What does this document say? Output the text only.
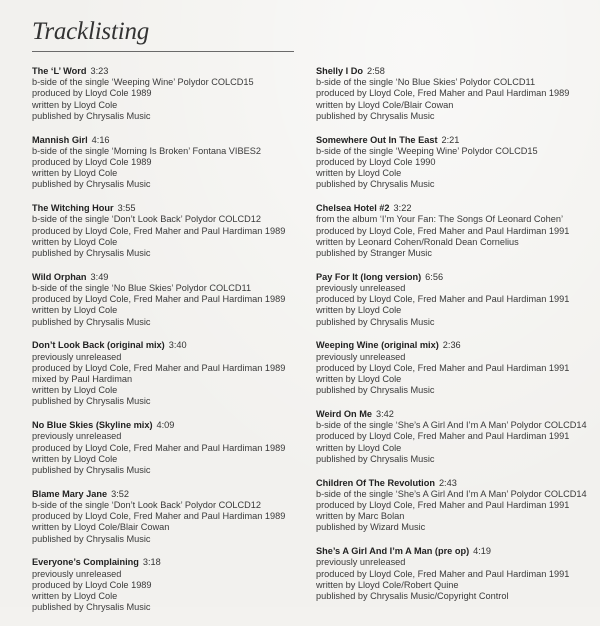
Tracklisting
The ‘L’ Word 3:23
b-side of the single ‘Weeping Wine’ Polydor COLCD15
produced by Lloyd Cole 1989
written by Lloyd Cole
published by Chrysalis Music
Mannish Girl 4:16
b-side of the single ‘Morning Is Broken’ Fontana VIBES2
produced by Lloyd Cole 1989
written by Lloyd Cole
published by Chrysalis Music
The Witching Hour 3:55
b-side of the single ‘Don’t Look Back’ Polydor COLCD12
produced by Lloyd Cole, Fred Maher and Paul Hardiman 1989
written by Lloyd Cole
published by Chrysalis Music
Wild Orphan 3:49
b-side of the single ‘No Blue Skies’ Polydor COLCD11
produced by Lloyd Cole, Fred Maher and Paul Hardiman 1989
written by Lloyd Cole
published by Chrysalis Music
Don’t Look Back (original mix) 3:40
previously unreleased
produced by Lloyd Cole, Fred Maher and Paul Hardiman 1989
mixed by Paul Hardiman
written by Lloyd Cole
published by Chrysalis Music
No Blue Skies (Skyline mix) 4:09
previously unreleased
produced by Lloyd Cole, Fred Maher and Paul Hardiman 1989
written by Lloyd Cole
published by Chrysalis Music
Blame Mary Jane 3:52
b-side of the single ‘Don’t Look Back’ Polydor COLCD12
produced by Lloyd Cole, Fred Maher and Paul Hardiman 1989
written by Lloyd Cole/Blair Cowan
published by Chrysalis Music
Everyone’s Complaining 3:18
previously unreleased
produced by Lloyd Cole 1989
written by Lloyd Cole
published by Chrysalis Music
Shelly I Do 2:58
b-side of the single ‘No Blue Skies’ Polydor COLCD11
produced by Lloyd Cole, Fred Maher and Paul Hardiman 1989
written by Lloyd Cole/Blair Cowan
published by Chrysalis Music
Somewhere Out In The East 2:21
b-side of the single ‘Weeping Wine’ Polydor COLCD15
produced by Lloyd Cole 1990
written by Lloyd Cole
published by Chrysalis Music
Chelsea Hotel #2 3:22
from the album ‘I’m Your Fan: The Songs Of Leonard Cohen’
produced by Lloyd Cole, Fred Maher and Paul Hardiman 1991
written by Leonard Cohen/Ronald Dean Cornelius
published by Stranger Music
Pay For It (long version) 6:56
previously unreleased
produced by Lloyd Cole, Fred Maher and Paul Hardiman 1991
written by Lloyd Cole
published by Chrysalis Music
Weeping Wine (original mix) 2:36
previously unreleased
produced by Lloyd Cole, Fred Maher and Paul Hardiman 1991
written by Lloyd Cole
published by Chrysalis Music
Weird On Me 3:42
b-side of the single ‘She’s A Girl And I’m A Man’ Polydor COLCD14
produced by Lloyd Cole, Fred Maher and Paul Hardiman 1991
written by Lloyd Cole
published by Chrysalis Music
Children Of The Revolution 2:43
b-side of the single ‘She’s A Girl And I’m A Man’ Polydor COLCD14
produced by Lloyd Cole, Fred Maher and Paul Hardiman 1991
written by Marc Bolan
published by Wizard Music
She’s A Girl And I’m A Man (pre op) 4:19
previously unreleased
produced by Lloyd Cole, Fred Maher and Paul Hardiman 1991
written by Lloyd Cole/Robert Quine
published by Chrysalis Music/Copyright Control
